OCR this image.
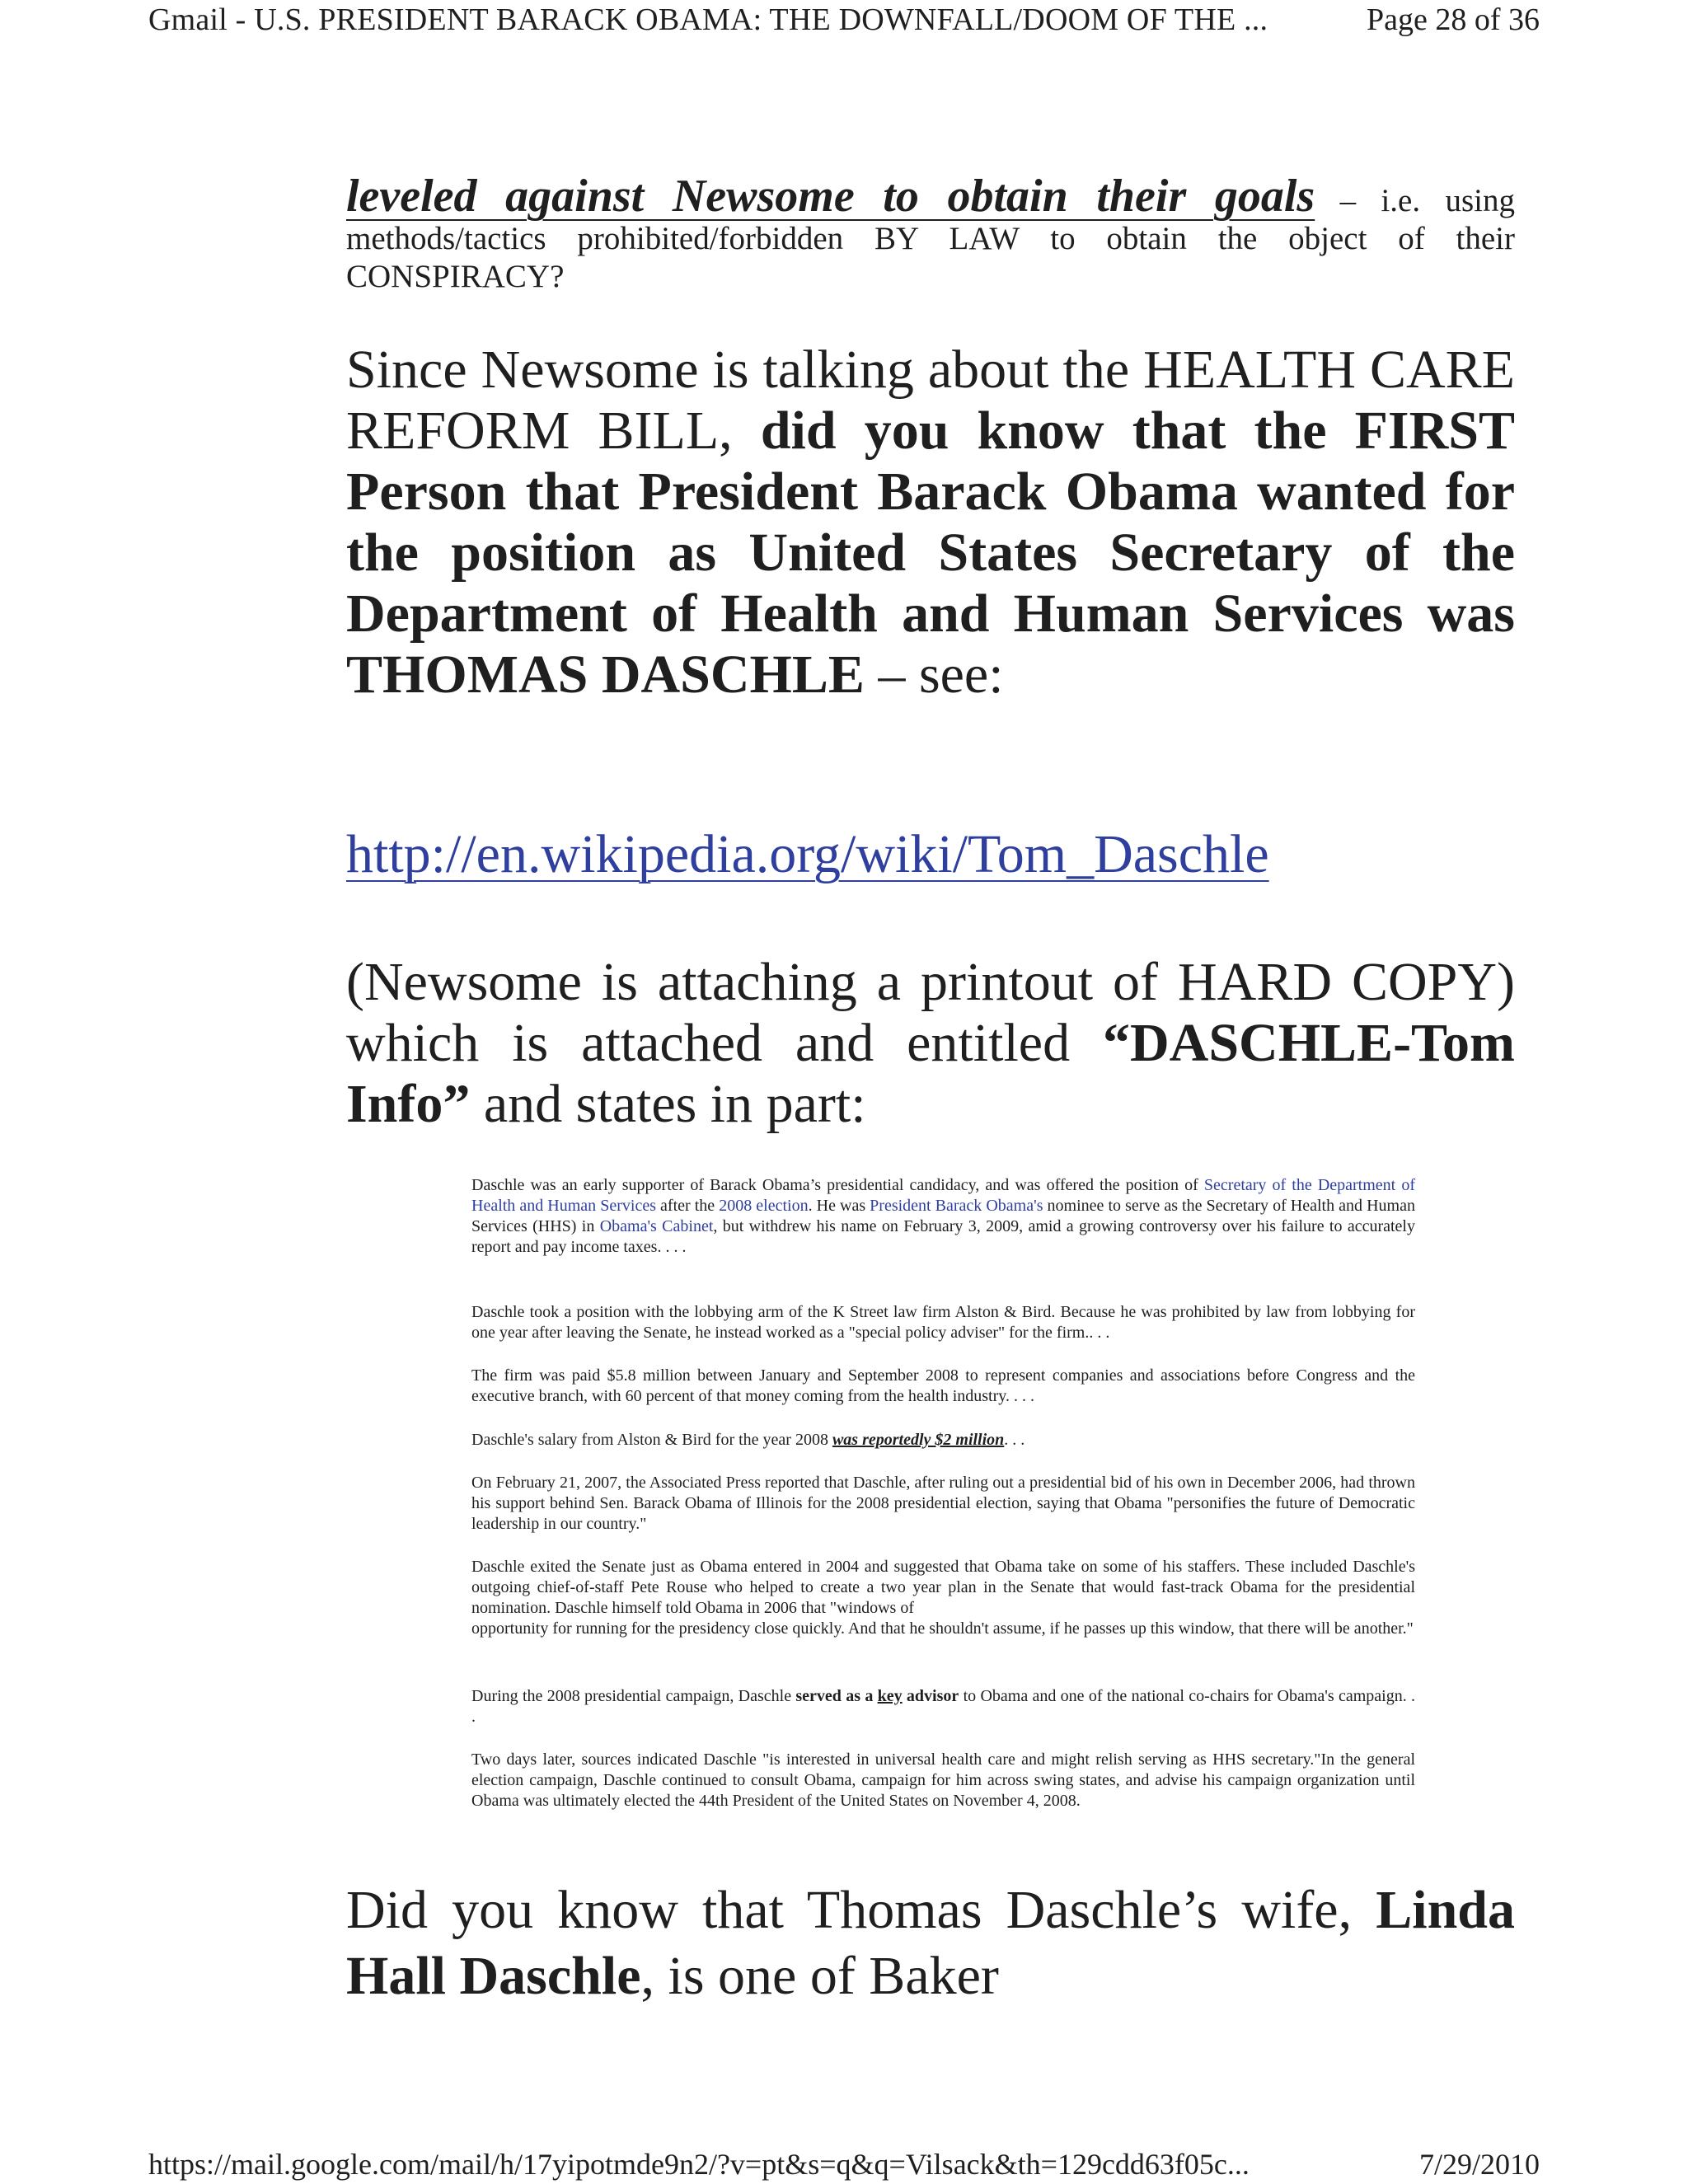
Gmail - U.S. PRESIDENT BARACK OBAMA: THE DOWNFALL/DOOM OF THE ...	Page 28 of 36
leveled against Newsome to obtain their goals – i.e. using methods/tactics prohibited/forbidden BY LAW to obtain the object of their CONSPIRACY?
Since Newsome is talking about the HEALTH CARE REFORM BILL, did you know that the FIRST Person that President Barack Obama wanted for the position as United States Secretary of the Department of Health and Human Services was THOMAS DASCHLE – see:
http://en.wikipedia.org/wiki/Tom_Daschle
(Newsome is attaching a printout of HARD COPY) which is attached and entitled “DASCHLE-Tom Info” and states in part:
Daschle was an early supporter of Barack Obama’s presidential candidacy, and was offered the position of Secretary of the Department of Health and Human Services after the 2008 election. He was President Barack Obama's nominee to serve as the Secretary of Health and Human Services (HHS) in Obama's Cabinet, but withdrew his name on February 3, 2009, amid a growing controversy over his failure to accurately report and pay income taxes. . . .
Daschle took a position with the lobbying arm of the K Street law firm Alston & Bird. Because he was prohibited by law from lobbying for one year after leaving the Senate, he instead worked as a "special policy adviser" for the firm.. . .
The firm was paid $5.8 million between January and September 2008 to represent companies and associations before Congress and the executive branch, with 60 percent of that money coming from the health industry. . . .
Daschle's salary from Alston & Bird for the year 2008 was reportedly $2 million. . .
On February 21, 2007, the Associated Press reported that Daschle, after ruling out a presidential bid of his own in December 2006, had thrown his support behind Sen. Barack Obama of Illinois for the 2008 presidential election, saying that Obama "personifies the future of Democratic leadership in our country."
Daschle exited the Senate just as Obama entered in 2004 and suggested that Obama take on some of his staffers. These included Daschle's outgoing chief-of-staff Pete Rouse who helped to create a two year plan in the Senate that would fast-track Obama for the presidential nomination. Daschle himself told Obama in 2006 that "windows of
opportunity for running for the presidency close quickly. And that he shouldn't assume, if he passes up this window, that there will be another."
During the 2008 presidential campaign, Daschle served as a key advisor to Obama and one of the national co-chairs for Obama's campaign. . .
Two days later, sources indicated Daschle "is interested in universal health care and might relish serving as HHS secretary."In the general election campaign, Daschle continued to consult Obama, campaign for him across swing states, and advise his campaign organization until Obama was ultimately elected the 44th President of the United States on November 4, 2008.
Did you know that Thomas Daschle’s wife, Linda Hall Daschle, is one of Baker
https://mail.google.com/mail/h/17yipotmde9n2/?v=pt&s=q&q=Vilsack&th=129cdd63f05c...	7/29/2010
